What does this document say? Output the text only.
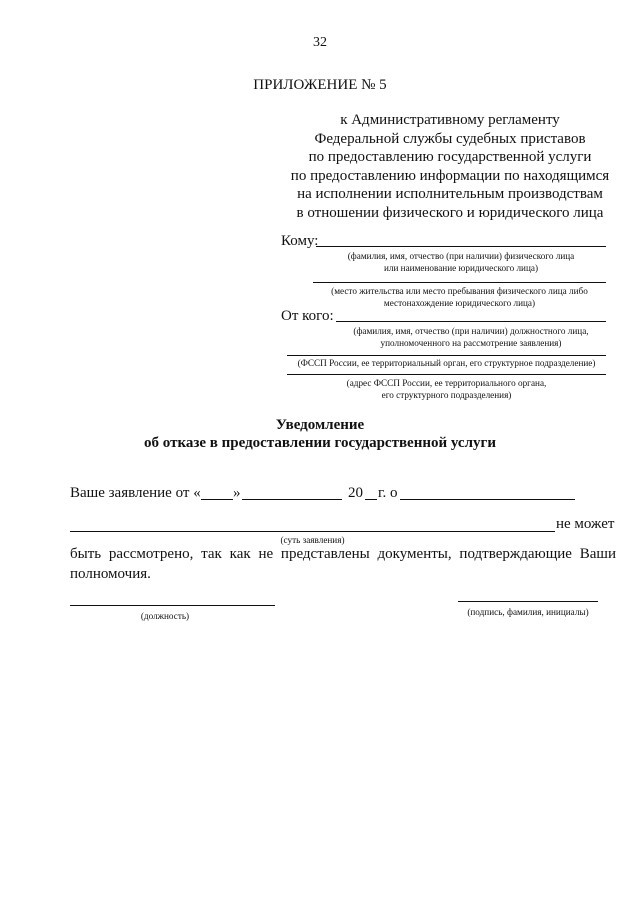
32
ПРИЛОЖЕНИЕ № 5
к Административному регламенту
Федеральной службы судебных приставов
по предоставлению государственной услуги
по предоставлению информации по находящимся
на исполнении исполнительным производствам
в отношении физического и юридического лица
Кому:
(фамилия, имя, отчество (при наличии) физического лица
или наименование юридического лица)
(место жительства или место пребывания физического лица либо
местонахождение юридического лица)
От кого:
(фамилия, имя, отчество (при наличии) должностного лица,
уполномоченного на рассмотрение заявления)
(ФССП России, ее территориальный орган, его структурное подразделение)
(адрес ФССП России, ее территориального органа,
его структурного подразделения)
Уведомление
об отказе в предоставлении государственной услуги
Ваше заявление от « »	20 г. о
не может
(суть заявления)
быть рассмотрено, так как не представлены документы, подтверждающие Ваши
полномочия.
(должность)	(подпись, фамилия, инициалы)
